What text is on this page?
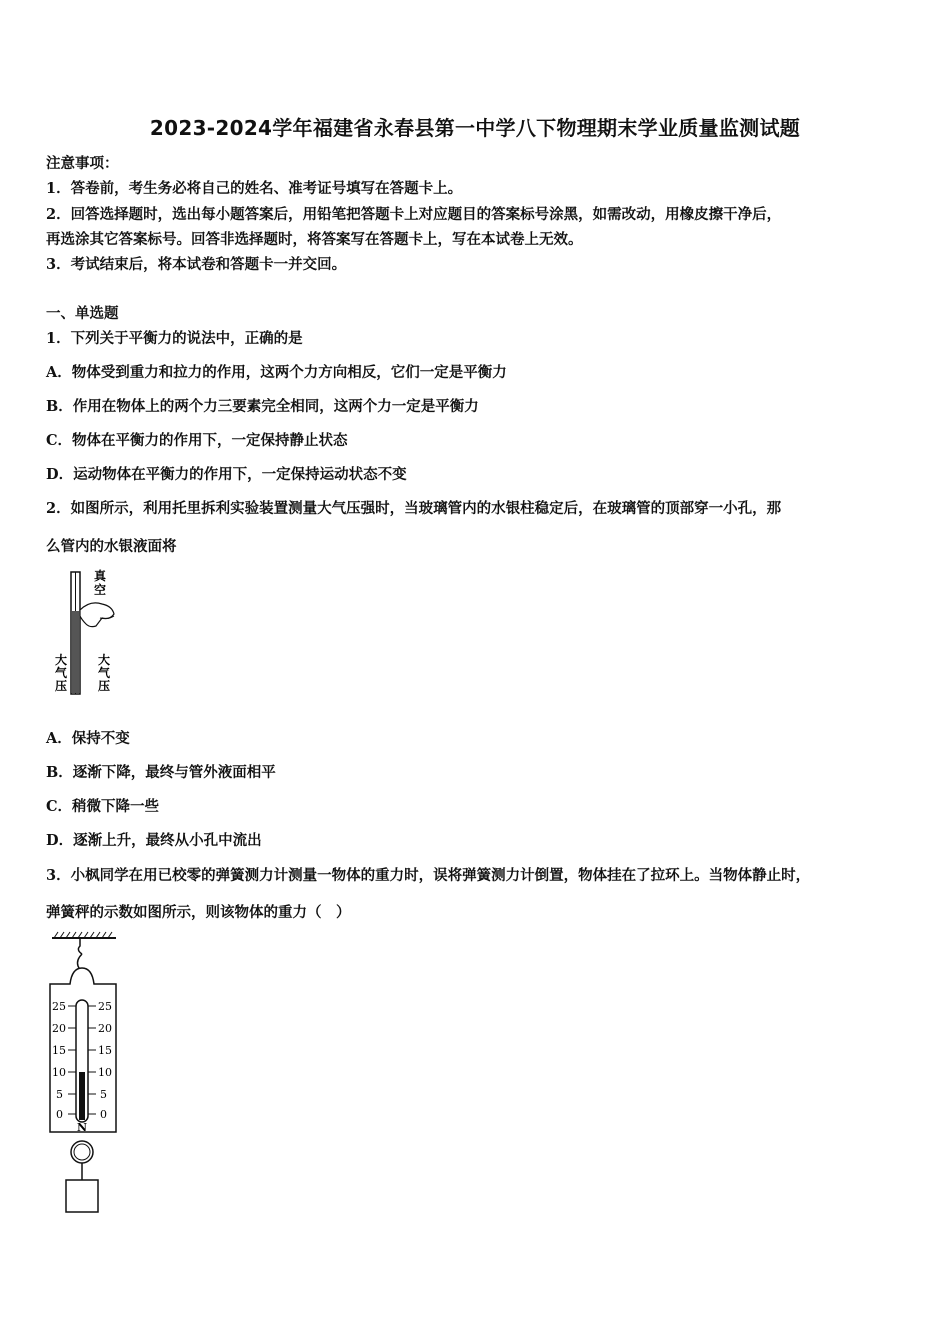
2023-2024学年福建省永春县第一中学八下物理期末学业质量监测试题
注意事项：
1．答卷前，考生务必将自己的姓名、准考证号填写在答题卡上。
2．回答选择题时，选出每小题答案后，用铅笔把答题卡上对应题目的答案标号涂黑，如需改动，用橡皮擦干净后，
再选涂其它答案标号。回答非选择题时，将答案写在答题卡上，写在本试卷上无效。
3．考试结束后，将本试卷和答题卡一并交回。
一、单选题
1．下列关于平衡力的说法中，正确的是
A．物体受到重力和拉力的作用，这两个力方向相反，它们一定是平衡力
B．作用在物体上的两个力三要素完全相同，这两个力一定是平衡力
C．物体在平衡力的作用下，一定保持静止状态
D．运动物体在平衡力的作用下，一定保持运动状态不变
2．如图所示，利用托里拆利实验装置测量大气压强时，当玻璃管内的水银柱稳定后，在玻璃管的顶部穿一小孔，那
么管内的水银液面将
真
空
大
气
压
大
气
压
A．保持不变
B．逐渐下降，最终与管外液面相平
C．稍微下降一些
D．逐渐上升，最终从小孔中流出
3．小枫同学在用已校零的弹簧测力计测量一物体的重力时，误将弹簧测力计倒置，物体挂在了拉环上。当物体静止时，
弹簧秤的示数如图所示，则该物体的重力（　）
25
20
15
10
5
0
25
20
15
10
5
0
N
